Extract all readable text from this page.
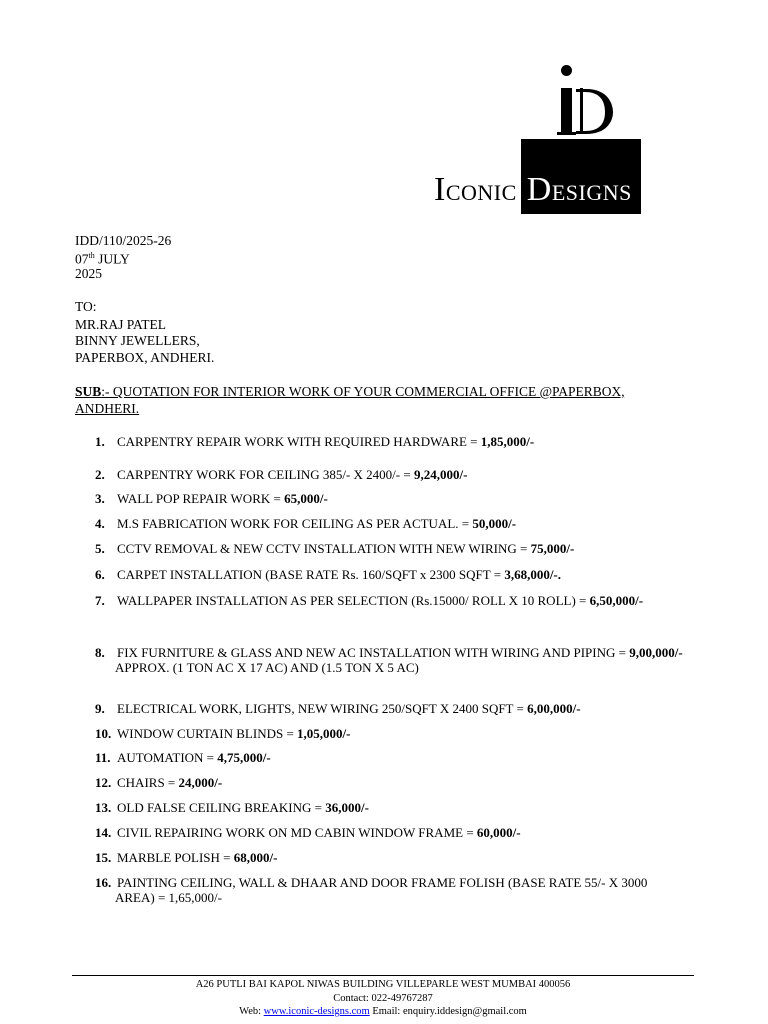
ICONIC DESIGNS
IDD/110/2025-26
07th JULY
2025
TO:
MR.RAJ PATEL
BINNY JEWELLERS,
PAPERBOX, ANDHERI.
SUB:- QUOTATION FOR INTERIOR WORK OF YOUR COMMERCIAL OFFICE @PAPERBOX, ANDHERI.
1. CARPENTRY REPAIR WORK WITH REQUIRED HARDWARE = 1,85,000/-
2. CARPENTRY WORK FOR CEILING 385/- X 2400/- = 9,24,000/-
3. WALL POP REPAIR WORK = 65,000/-
4. M.S FABRICATION WORK FOR CEILING AS PER ACTUAL. = 50,000/-
5. CCTV REMOVAL & NEW CCTV INSTALLATION WITH NEW WIRING = 75,000/-
6. CARPET INSTALLATION (BASE RATE Rs. 160/SQFT x 2300 SQFT = 3,68,000/-.
7. WALLPAPER INSTALLATION AS PER SELECTION (Rs.15000/ ROLL X 10 ROLL) = 6,50,000/-
8. FIX FURNITURE & GLASS AND NEW AC INSTALLATION WITH WIRING AND PIPING = 9,00,000/-
APPROX. (1 TON AC X 17 AC) AND (1.5 TON X 5 AC)
9. ELECTRICAL WORK, LIGHTS, NEW WIRING 250/SQFT X 2400 SQFT = 6,00,000/-
10. WINDOW CURTAIN BLINDS = 1,05,000/-
11. AUTOMATION = 4,75,000/-
12. CHAIRS = 24,000/-
13. OLD FALSE CEILING BREAKING = 36,000/-
14. CIVIL REPAIRING WORK ON MD CABIN WINDOW FRAME = 60,000/-
15. MARBLE POLISH = 68,000/-
16. PAINTING CEILING, WALL & DHAAR AND DOOR FRAME FOLISH (BASE RATE 55/- X 3000
AREA) = 1,65,000/-
A26 PUTLI BAI KAPOL NIWAS BUILDING VILLEPARLE WEST MUMBAI 400056
Contact: 022-49767287
Web: www.iconic-designs.com Email: enquiry.iddesign@gmail.com
